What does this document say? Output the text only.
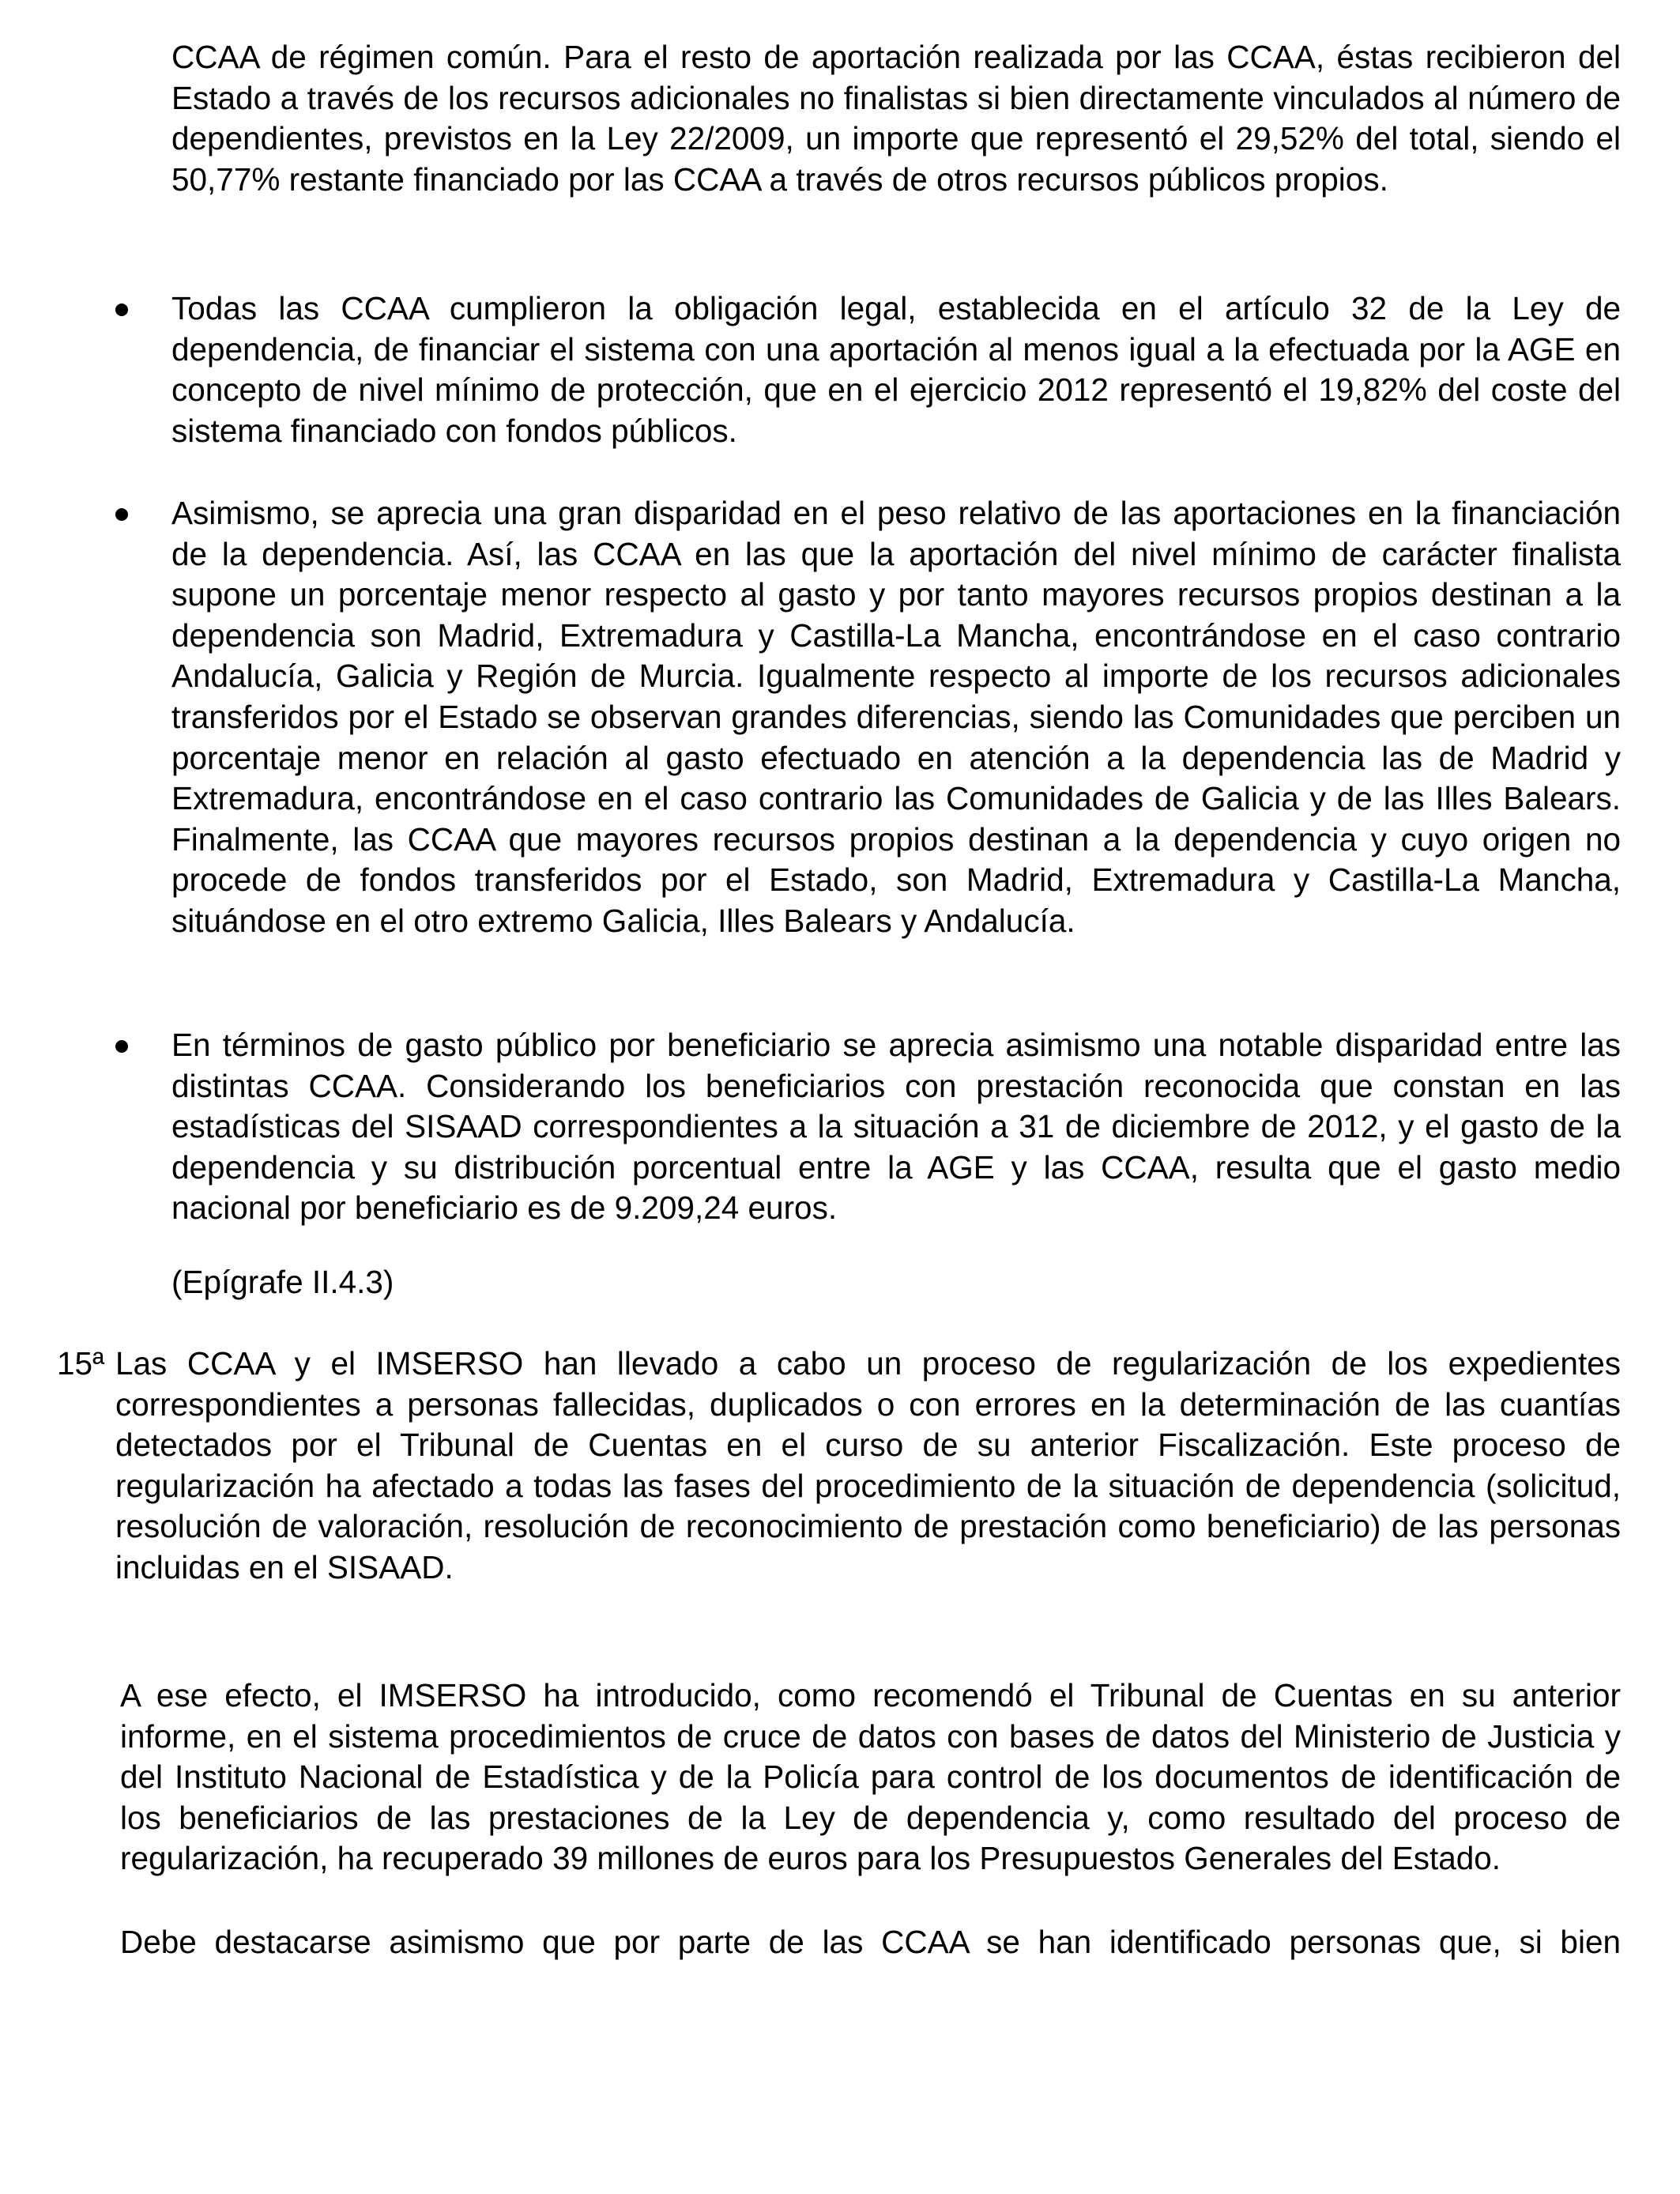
CCAA de régimen común. Para el resto de aportación realizada por las CCAA, éstas recibieron del Estado a través de los recursos adicionales no finalistas si bien directamente vinculados al número de dependientes, previstos en la Ley 22/2009, un importe que representó el 29,52% del total, siendo el 50,77% restante financiado por las CCAA a través de otros recursos públicos propios.

Todas las CCAA cumplieron la obligación legal, establecida en el artículo 32 de la Ley de dependencia, de financiar el sistema con una aportación al menos igual a la efectuada por la AGE en concepto de nivel mínimo de protección, que en el ejercicio 2012 representó el 19,82% del coste del sistema financiado con fondos públicos.

Asimismo, se aprecia una gran disparidad en el peso relativo de las aportaciones en la financiación de la dependencia. Así, las CCAA en las que la aportación del nivel mínimo de carácter finalista supone un porcentaje menor respecto al gasto y por tanto mayores recursos propios destinan a la dependencia son Madrid, Extremadura y Castilla-La Mancha, encontrándose en el caso contrario Andalucía, Galicia y Región de Murcia. Igualmente respecto al importe de los recursos adicionales transferidos por el Estado se observan grandes diferencias, siendo las Comunidades que perciben un porcentaje menor en relación al gasto efectuado en atención a la dependencia las de Madrid y Extremadura, encontrándose en el caso contrario las Comunidades de Galicia y de las Illes Balears. Finalmente, las CCAA que mayores recursos propios destinan a la dependencia y cuyo origen no procede de fondos transferidos por el Estado, son Madrid, Extremadura y Castilla-La Mancha, situándose en el otro extremo Galicia, Illes Balears y Andalucía.

En términos de gasto público por beneficiario se aprecia asimismo una notable disparidad entre las distintas CCAA. Considerando los beneficiarios con prestación reconocida que constan en las estadísticas del SISAAD correspondientes a la situación a 31 de diciembre de 2012, y el gasto de la dependencia y su distribución porcentual entre la AGE y las CCAA, resulta que el gasto medio nacional por beneficiario es de 9.209,24 euros.

(Epígrafe II.4.3)

15ª Las CCAA y el IMSERSO han llevado a cabo un proceso de regularización de los expedientes correspondientes a personas fallecidas, duplicados o con errores en la determinación de las cuantías detectados por el Tribunal de Cuentas en el curso de su anterior Fiscalización. Este proceso de regularización ha afectado a todas las fases del procedimiento de la situación de dependencia (solicitud, resolución de valoración, resolución de reconocimiento de prestación como beneficiario) de las personas incluidas en el SISAAD.

A ese efecto, el IMSERSO ha introducido, como recomendó el Tribunal de Cuentas en su anterior informe, en el sistema procedimientos de cruce de datos con bases de datos del Ministerio de Justicia y del Instituto Nacional de Estadística y de la Policía para control de los documentos de identificación de los beneficiarios de las prestaciones de la Ley de dependencia y, como resultado del proceso de regularización, ha recuperado 39 millones de euros para los Presupuestos Generales del Estado.

Debe destacarse asimismo que por parte de las CCAA se han identificado personas que, si bien
